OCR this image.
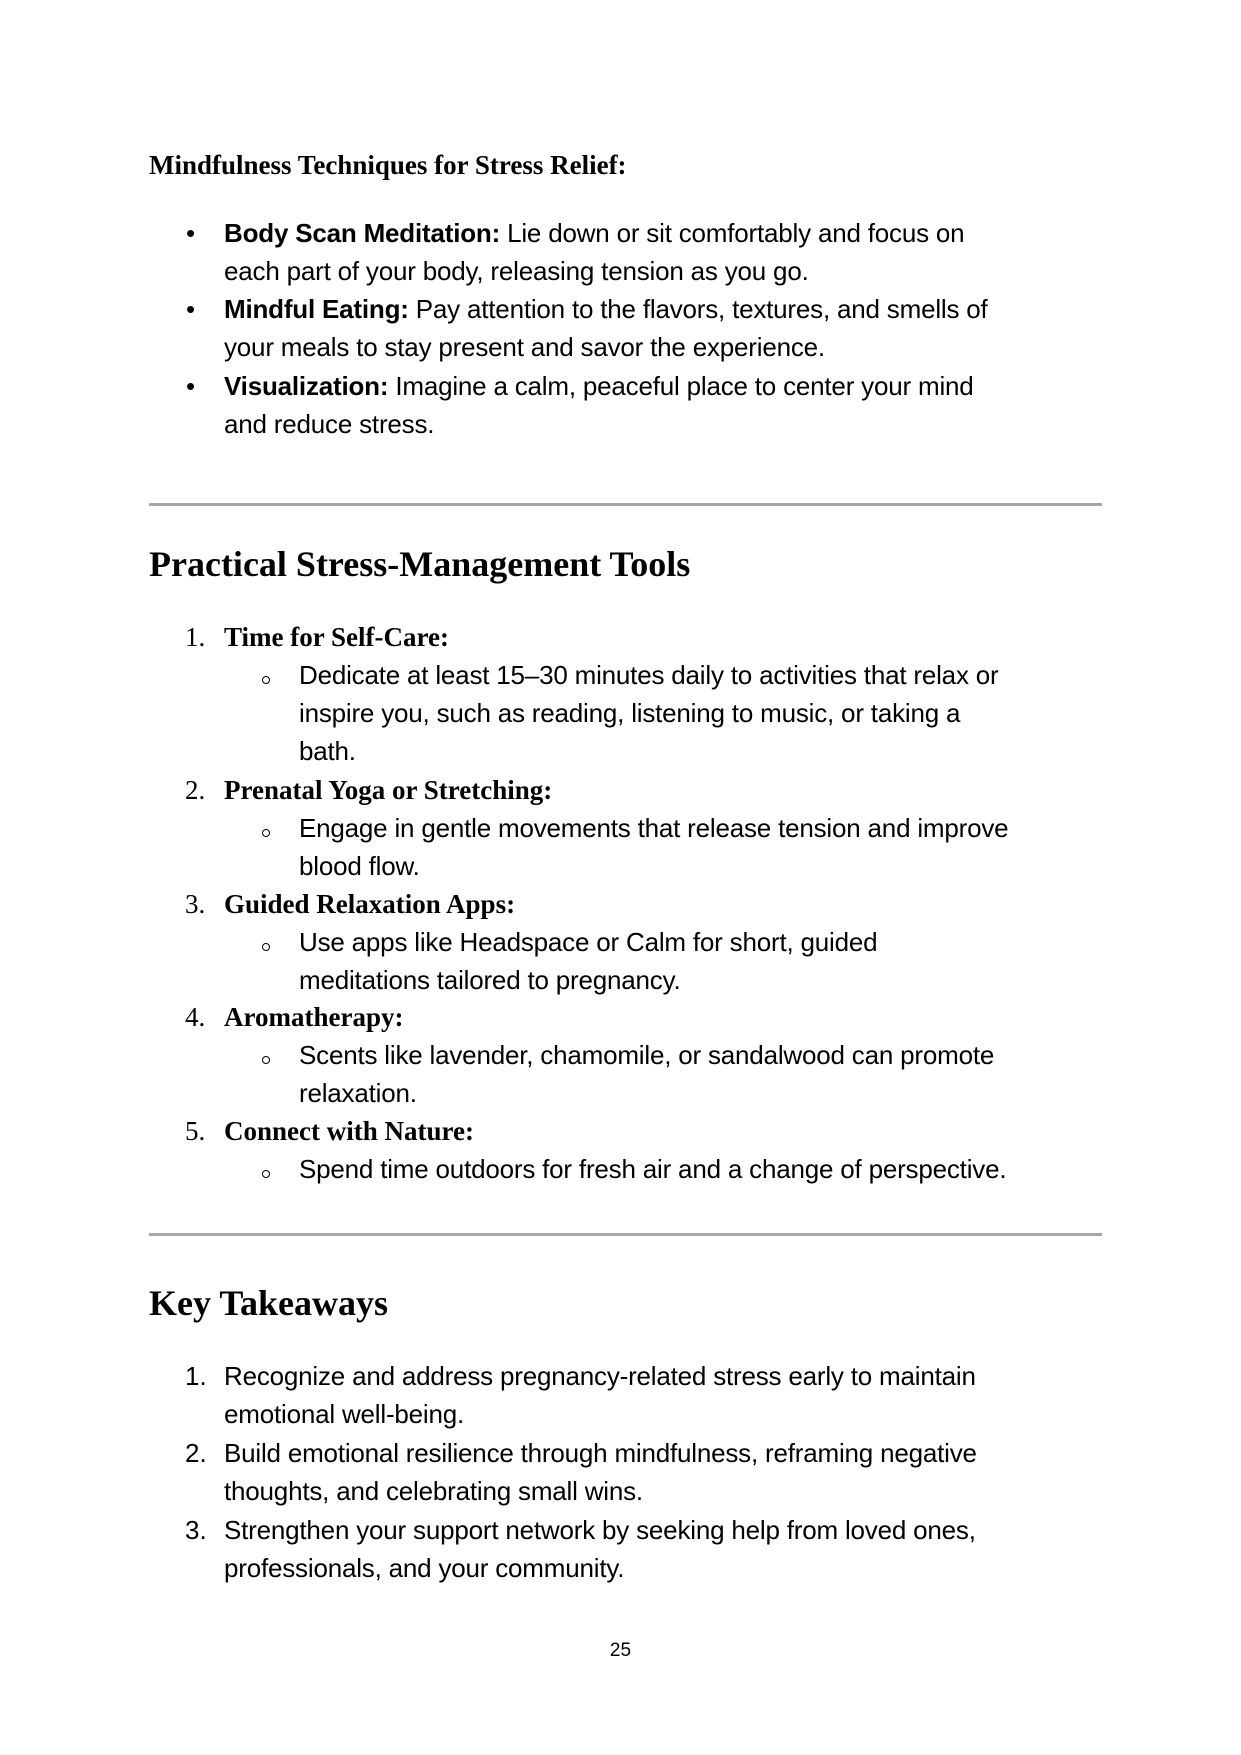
Mindfulness Techniques for Stress Relief:
• Body Scan Meditation: Lie down or sit comfortably and focus on
each part of your body, releasing tension as you go.
• Mindful Eating: Pay attention to the flavors, textures, and smells of
your meals to stay present and savor the experience.
• Visualization: Imagine a calm, peaceful place to center your mind
and reduce stress.
Practical Stress-Management Tools
1. Time for Self-Care:
Dedicate at least 15–30 minutes daily to activities that relax or
inspire you, such as reading, listening to music, or taking a
bath.
2. Prenatal Yoga or Stretching:
Engage in gentle movements that release tension and improve
blood flow.
3. Guided Relaxation Apps:
Use apps like Headspace or Calm for short, guided
meditations tailored to pregnancy.
4. Aromatherapy:
Scents like lavender, chamomile, or sandalwood can promote
relaxation.
5. Connect with Nature:
Spend time outdoors for fresh air and a change of perspective.
Key Takeaways
1. Recognize and address pregnancy-related stress early to maintain
emotional well-being.
2. Build emotional resilience through mindfulness, reframing negative
thoughts, and celebrating small wins.
3. Strengthen your support network by seeking help from loved ones,
professionals, and your community.
25
